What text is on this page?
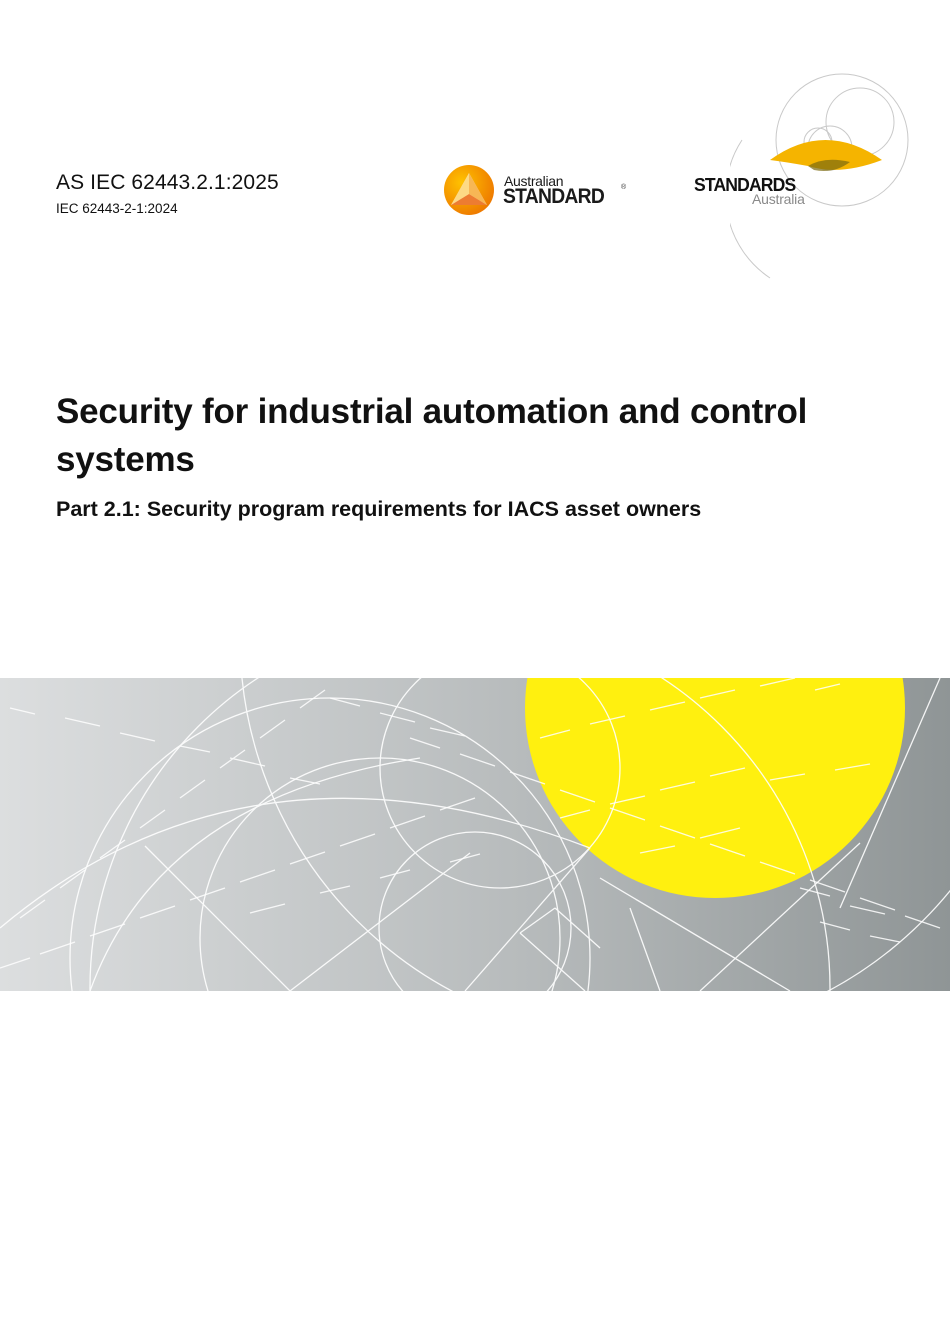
AS IEC 62443.2.1:2025
IEC 62443-2-1:2024
Australian
STANDARD ®	STANDARDS
Australia
Security for industrial automation and control systems
Part 2.1: Security program requirements for IACS asset owners
